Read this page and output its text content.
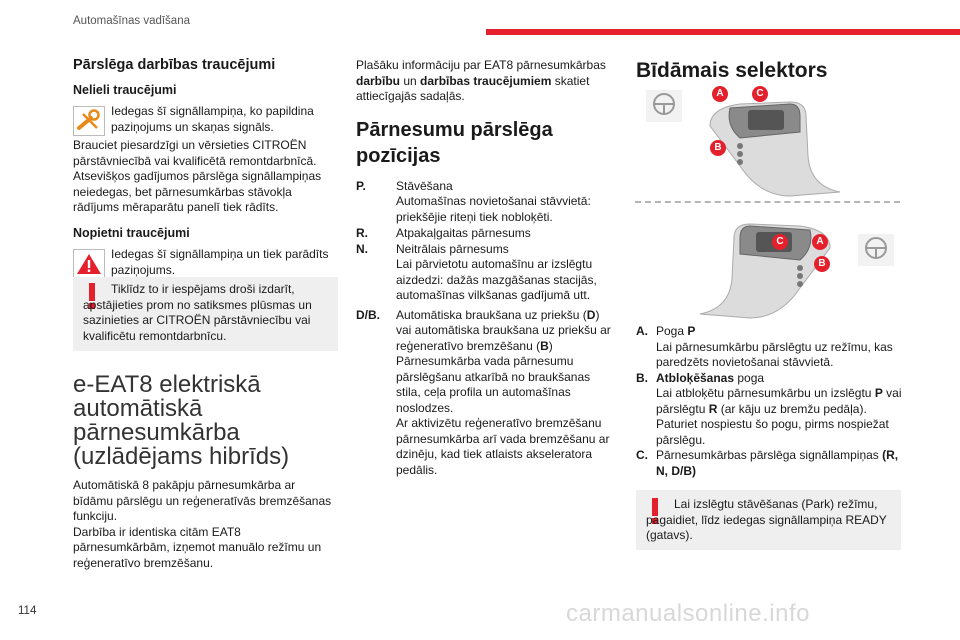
Automašīnas vadīšana
Pārslēga darbības traucējumi
Nelieli traucējumi

Iedegas šī signāllampiņa, ko papildina paziņojums un skaņas signāls.

Brauciet piesardzīgi un vērsieties CITROËN pārstāvniecībā vai kvalificētā remontdarbnīcā. Atsevišķos gadījumos pārslēga signāllampiņas neiedegas, bet pārnesumkārbas stāvokļa rādījums mēraparātu panelī tiek rādīts.

Nopietni traucējumi

Iedegas šī signāllampiņa un tiek parādīts paziņojums.

Tiklīdz to ir iespējams droši izdarīt, apstājieties prom no satiksmes plūsmas un sazinieties ar CITROËN pārstāvniecību vai kvalificētu remontdarbnīcu.

e-EAT8 elektriskā
automātiskā
pārnesumkārba
(uzlādējams hibrīds)

Automātiskā 8 pakāpju pārnesumkārba ar bīdāmu pārslēgu un reģeneratīvās bremzēšanas funkciju.

Darbība ir identiska citām EAT8 pārnesumkārbām, izņemot manuālo režīmu un reģeneratīvo bremzēšanu.

Plašāku informāciju par EAT8 pārnesumkārbas darbību un darbības traucējumiem skatiet attiecīgajās sadaļās.

Pārnesumu pārslēga
pozīcijas
P.	Stāvēšana
Automašīnas novietošanai stāvvietā: priekšējie riteņi tiek nobloķēti.
R.	Atpakaļgaitas pārnesums
N.	Neitrālais pārnesums
Lai pārvietotu automašīnu ar izslēgtu aizdedzi: dažās mazgāšanas stacijās, automašīnas vilkšanas gadījumā utt.
D/B.	Automātiska braukšana uz priekšu (D) vai automātiska braukšana uz priekšu ar reģeneratīvo bremzēšanu (B)
Pārnesumkārba vada pārnesumu pārslēgšanu atkarībā no braukšanas stila, ceļa profila un automašīnas noslodzes.
Ar aktivizētu reģeneratīvo bremzēšanu pārnesumkārba arī vada bremzēšanu ar dzinēju, kad tiek atlaists akseleratora pedālis.
Bīdāmais selektors
A	C
B
C	A
B
A. Poga P
Lai pārnesumkārbu pārslēgtu uz režīmu, kas paredzēts novietošanai stāvvietā.
B. Atbloķēšanas poga
Lai atbloķētu pārnesumkārbu un izslēgtu P vai pārslēgtu R (ar kāju uz bremžu pedāļa).
Paturiet nospiestu šo pogu, pirms nospiežat pārslēgu.
C. Pārnesumkārbas pārslēga signāllampiņas (R, N, D/B)

Lai izslēgtu stāvēšanas (Park) režīmu, pagaidiet, līdz iedegas signāllampiņa READY (gatavs).

114	carmanualsonline.info
